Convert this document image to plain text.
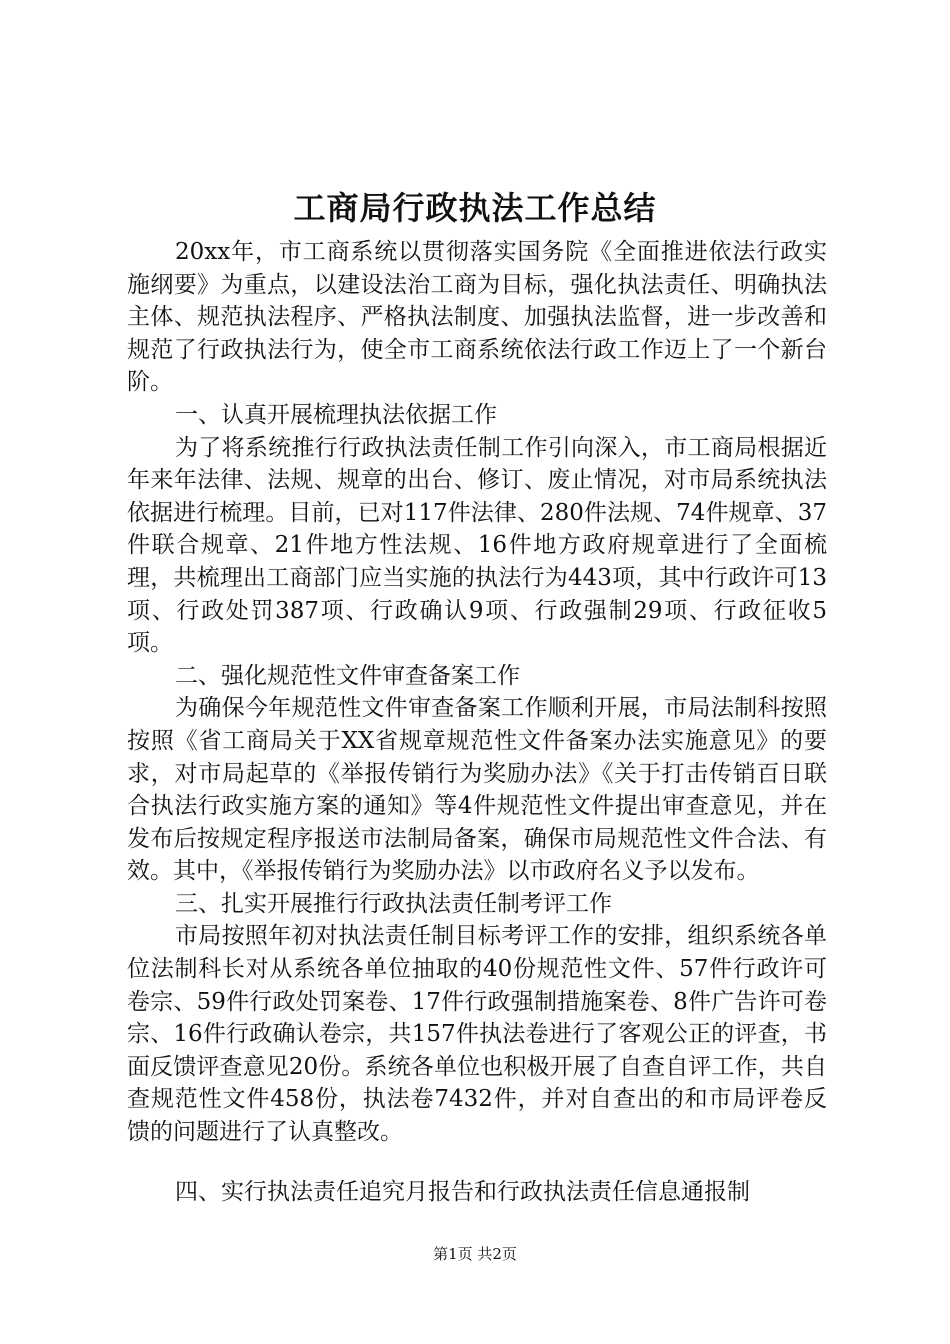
工商局行政执法工作总结

20xx年，市工商系统以贯彻落实国务院《全面推进依法行政实施纲要》为重点，以建设法治工商为目标，强化执法责任、明确执法主体、规范执法程序、严格执法制度、加强执法监督，进一步改善和规范了行政执法行为，使全市工商系统依法行政工作迈上了一个新台阶。

一、认真开展梳理执法依据工作

为了将系统推行行政执法责任制工作引向深入，市工商局根据近年来年法律、法规、规章的出台、修订、废止情况，对市局系统执法依据进行梳理。目前，已对117件法律、280件法规、74件规章、37件联合规章、21件地方性法规、16件地方政府规章进行了全面梳理，共梳理出工商部门应当实施的执法行为443项，其中行政许可13项、行政处罚387项、行政确认9项、行政强制29项、行政征收5项。

二、强化规范性文件审查备案工作

为确保今年规范性文件审查备案工作顺利开展，市局法制科按照按照《省工商局关于XX省规章规范性文件备案办法实施意见》的要求，对市局起草的《举报传销行为奖励办法》《关于打击传销百日联合执法行政实施方案的通知》等4件规范性文件提出审查意见，并在发布后按规定程序报送市法制局备案，确保市局规范性文件合法、有效。其中，《举报传销行为奖励办法》以市政府名义予以发布。

三、扎实开展推行行政执法责任制考评工作

市局按照年初对执法责任制目标考评工作的安排，组织系统各单位法制科长对从系统各单位抽取的40份规范性文件、57件行政许可卷宗、59件行政处罚案卷、17件行政强制措施案卷、8件广告许可卷宗、16件行政确认卷宗，共157件执法卷进行了客观公正的评查，书面反馈评查意见20份。系统各单位也积极开展了自查自评工作，共自查规范性文件458份，执法卷7432件，并对自查出的和市局评卷反馈的问题进行了认真整改。

四、实行执法责任追究月报告和行政执法责任信息通报制

第1页 共2页
